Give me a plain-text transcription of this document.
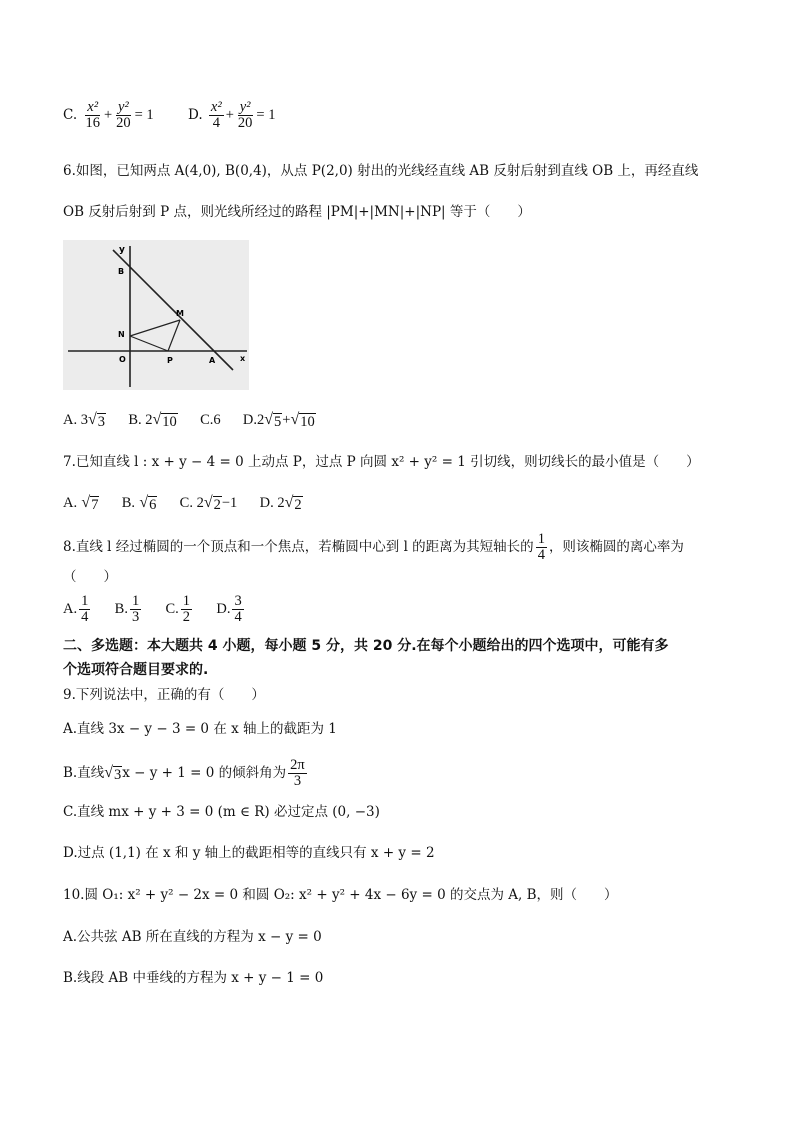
C. $\frac{\text{x²}}{16} + \frac{\text{y²}}{20} = 1$	D. $\frac{\text{x²}}{4} + \frac{\text{y²}}{20} = 1$
6.如图，已知两点 A(4,0), B(0,4)，从点 P(2,0) 射出的光线经直线 AB 反射后射到直线 OB 上，再经直线
OB 反射后射到 P 点，则光线所经过的路程 |PM|+|MN|+|NP| 等于（　　）
y
B
M
N
O	P	A	x
A. 3 √ 3 B. 2 √ 10 C.6 D.2 √ 5 + √ 10
7.已知直线 l : x + y − 4 = 0 上动点 P，过点 P 向圆 x² + y² = 1 引切线，则切线长的最小值是（　　）
A. √ 7 B. √ 6 C. 2 √ 2 −1 D. 2 √ 2
8.直线 l 经过椭圆的一个顶点和一个焦点，若椭圆中心到 l 的距离为其短轴长的 $\frac{1}{4}$ ，则该椭圆的离心率为
（　　）
A. $\frac{1}{4} B$. $\frac{1}{3} C$. $\frac{1}{2} D$. $\frac{3}{4}$
二、多选题：本大题共 4 小题，每小题 5 分，共 20 分.在每个小题给出的四个选项中，可能有多
个选项符合题目要求的.
9.下列说法中，正确的有（　　）
A.直线 3x − y − 3 = 0 在 x 轴上的截距为 1
B.直线 √ 3 x − y + 1 = 0 的倾斜角为 $\frac{2\pi}{3}$
C.直线 mx + y + 3 = 0 (m ∈ R) 必过定点 (0, −3)
D.过点 (1,1) 在 x 和 y 轴上的截距相等的直线只有 x + y = 2
10.圆 O₁: x² + y² − 2x = 0 和圆 O₂: x² + y² + 4x − 6y = 0 的交点为 A, B，则（　　）
A.公共弦 AB 所在直线的方程为 x − y = 0
B.线段 AB 中垂线的方程为 x + y − 1 = 0
